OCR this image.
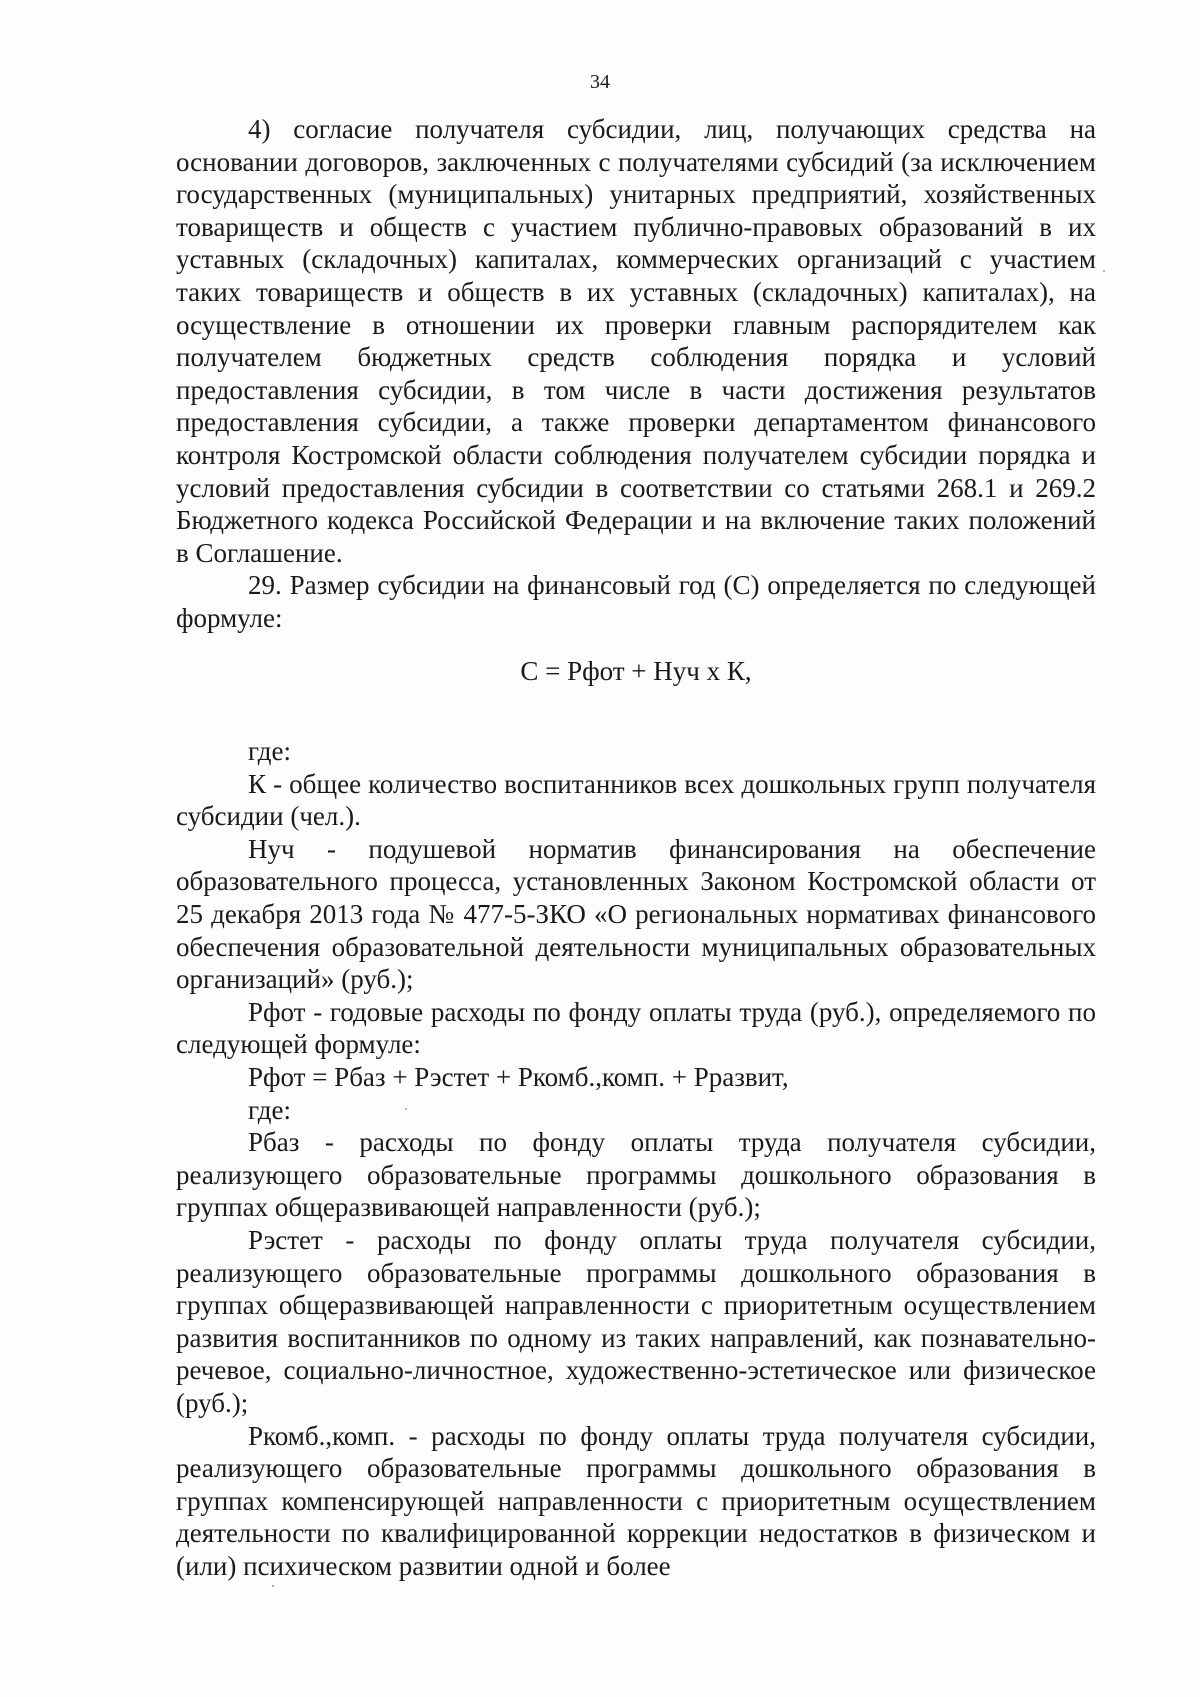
34

4) согласие получателя субсидии, лиц, получающих средства на основании договоров, заключенных с получателями субсидий (за исключением государственных (муниципальных) унитарных предприятий, хозяйственных товариществ и обществ с участием публично-правовых образований в их уставных (складочных) капиталах, коммерческих организаций с участием таких товариществ и обществ в их уставных (складочных) капиталах), на осуществление в отношении их проверки главным распорядителем как получателем бюджетных средств соблюдения порядка и условий предоставления субсидии, в том числе в части достижения результатов предоставления субсидии, а также проверки департаментом финансового контроля Костромской области соблюдения получателем субсидии порядка и условий предоставления субсидии в соответствии со статьями 268.1 и 269.2 Бюджетного кодекса Российской Федерации и на включение таких положений в Соглашение.

29. Размер субсидии на финансовый год (С) определяется по следующей формуле:

С = Рфот + Нуч х К,

где:

К - общее количество воспитанников всех дошкольных групп получателя субсидии (чел.).

Нуч - подушевой норматив финансирования на обеспечение образовательного процесса, установленных Законом Костромской области от 25 декабря 2013 года № 477-5-ЗКО «О региональных нормативах финансового обеспечения образовательной деятельности муниципальных образовательных организаций» (руб.);

Рфот - годовые расходы по фонду оплаты труда (руб.), определяемого по следующей формуле:

Рфот = Рбаз + Рэстет + Ркомб.,комп. + Рразвит,

где:

Рбаз - расходы по фонду оплаты труда получателя субсидии, реализующего образовательные программы дошкольного образования в группах общеразвивающей направленности (руб.);

Рэстет - расходы по фонду оплаты труда получателя субсидии, реализующего образовательные программы дошкольного образования в группах общеразвивающей направленности с приоритетным осуществлением развития воспитанников по одному из таких направлений, как познавательно-речевое, социально-личностное, художественно-эстетическое или физическое (руб.);

Ркомб.,комп. - расходы по фонду оплаты труда получателя субсидии, реализующего образовательные программы дошкольного образования в группах компенсирующей направленности с приоритетным осуществлением деятельности по квалифицированной коррекции недостатков в физическом и (или) психическом развитии одной и более
